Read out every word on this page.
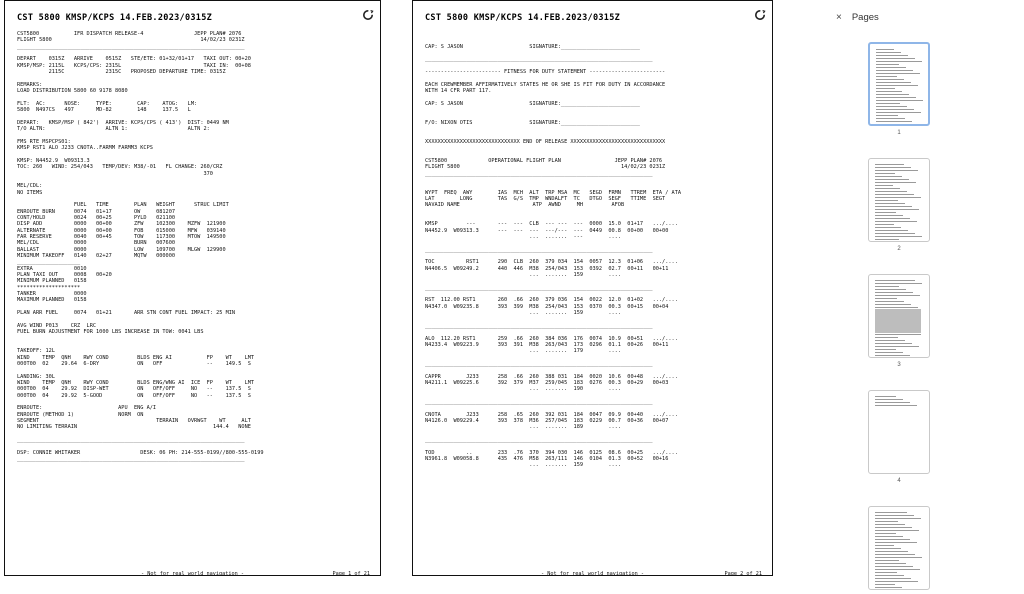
CST 5800 KMSP/KCPS 14.FEB.2023/0315Z
CST5800           IFR DISPATCH RELEASE-4                JEPP PLAN# 2076
FLIGHT 5800                                               14/02/23 0231Z
________________________________________________________________________
DEPART    0315Z   ARRIVE    0515Z   STE/ETE: 01+32/01+17   TAXI OUT: 00+20
KMSP/MSP: 2115L   KCPS/CPS: 2315L                          TAXI IN:  00+08
2115C             2315C   PROPOSED DEPARTURE TIME: 0315Z
REMARKS:
LOAD DISTRIBUTION 5800 60 9178 8080
FLT:  AC:      NOSE:     TYPE:        CAP:    ATOG:   LM:
5800  N497CS   497       MD-82        148     137.5   L
DEPART:   KMSP/MSP ( 842')  ARRIVE: KCPS/CPS ( 413')  DIST: 0449 NM
T/O ALTN:                   ALTN 1:                   ALTN 2:
FMS RTE MSPCPS01:
KMSP RST1 ALO J233 CNOTA..FARMM FARMM3 KCPS
KMSP: N4452.9  W09313.3
TOC: 260   WIND: 254/043   TEMP/DEV: M38/-01   FL CHANGE: 260/CRZ
370
MEL/CDL:
NO ITEMS
FUEL   TIME        PLAN   WEIGHT      STRUC LIMIT
ENROUTE BURN      0074   01+17       OW     081207
CONT/HOLD         0024   00+25       PYLD   021100
DISP ADD          0000   00+00       ZFW    102300    MZFW  121900
ALTERNATE         0000   00+00       FOB    015000    MFW   039140
FAR RESERVE       0040   00+45       TOW    117300    MTOW  149500
MEL/CDL           0000               BURN   007600
BALLAST           0000               LOW    109700    MLGW  129900
MINIMUM TAKEOFF   0140   02+27       MQTW   000000
____________________
EXTRA             0010
PLAN TAXI OUT     0008   00+20
MINIMUM PLANNED   0158
********************
TANKER            0000
MAXIMUM PLANNED   0158
PLAN ARR FUEL     0074   01+21       ARR STN CONT FUEL IMPACT: 25 MIN
AVG WIND P013    CRZ  LRC
FUEL BURN ADJUSTMENT FOR 1000 LBS INCREASE IN TOW: 0041 LBS
TAKEOFF: 12L
WIND    TEMP  QNH    RWY COND         BLDS ENG AI           FP    WT    LMT
000T00  02    29.64  6-DRY            ON   OFF              --    149.5  S
LANDING: 30L
WIND    TEMP  QNH    RWY COND         BLDS ENG/WNG AI  ICE  FP    WT    LMT
000T00  04    29.92  DISP-WET         ON   OFF/OFF     NO   --    137.5  S
000T00  04    29.92  5-GOOD           ON   OFF/OFF     NO   --    137.5  S
ENROUTE:                        APU  ENG A/I
ENROUTE (METHOD 1)              NORM  ON
SEGMENT                                     TERRAIN   OVRWGT    WT     ALT
NO LIMITING TERRAIN                                           144.4   NONE
________________________________________________________________________
DSP: CONNIE WHITAKER                   DESK: 06 PH: 214-555-0199//800-555-0199
________________________________________________________________________
- Not for real world navigation -	Page 1 of 21
CST 5800 KMSP/KCPS 14.FEB.2023/0315Z
CAP: S JASON                     SIGNATURE:_________________________
________________________________________________________________________
------------------------ FITNESS FOR DUTY STATEMENT ------------------------
EACH CREWMEMBER AFFIRMATIVELY STATES HE OR SHE IS FIT FOR DUTY IN ACCORDANCE
WITH 14 CFR PART 117.
CAP: S JASON                     SIGNATURE:_________________________
F/O: NIXON OTIS                  SIGNATURE:_________________________
XXXXXXXXXXXXXXXXXXXXXXXXXXXXXX END OF RELEASE XXXXXXXXXXXXXXXXXXXXXXXXXXXXXX
CST5800             OPERATIONAL FLIGHT PLAN                 JEPP PLAN# 2076
FLIGHT 5800                                                   14/02/23 0231Z
________________________________________________________________________
WYPT  FREQ  AWY        IAS  MCH  ALT  TRP MSA  MC   SEGD  FRMN   TTREM  ETA / ATA
LAT        LONG        TAS  G/S  TMP  WNDALFT  TC   DTGO  SEGF   TTIME  SEGT
NAVAID NAME                       ATP  AWND     MH         AFOB
KMSP         ---       ---  ---  CLB  --- ---  ---  0000  15.0  01+17   .../....
N4452.9  W09313.3      ---  ---  ---  ---/---  ---  0449  00.8  00+00   00+00
...  .......  ---        ....
________________________________________________________________________
TOC          RST1      290  CLB  260  379 034  154  0057  12.3  01+06   .../....
N4406.5  W09249.2      440  446  M38  254/043  153  0392  02.7  00+11   00+11
...  .......  159        ....
________________________________________________________________________
RST  112.00 RST1       260  .66  260  379 036  154  0022  12.0  01+02   .../....
N4347.0  W09235.8      393  399  M38  254/043  153  0370  00.3  00+15   00+04
...  .......  159        ....
________________________________________________________________________
ALO  112.20 RST1       259  .66  260  384 036  176  0074  10.9  00+51   .../....
N4233.4  W09223.9      393  391  M38  263/043  173  0296  01.1  00+26   00+11
...  .......  179        ....
________________________________________________________________________
CAPPR        J233      258  .66  260  388 031  184  0020  10.6  00+48   .../....
N4211.1  W09225.6      392  379  M37  259/045  183  0276  00.3  00+29   00+03
...  .......  190        ....
________________________________________________________________________
CNOTA        J233      258  .65  260  392 031  184  0047  09.9  00+40   .../....
N4126.0  W09229.4      393  378  M36  257/045  183  0229  00.7  00+36   00+07
...  .......  189        ....
________________________________________________________________________
TOD          ..        233  .76  370  394 030  146  0125  08.6  00+25   .../....
N3961.8  W09058.8      435  476  M58  263/111  146  0104  01.3  00+52   00+16
...  .......  159        ....
- Not for real world navigation -	Page 2 of 21
× Pages
1
2
3
4
